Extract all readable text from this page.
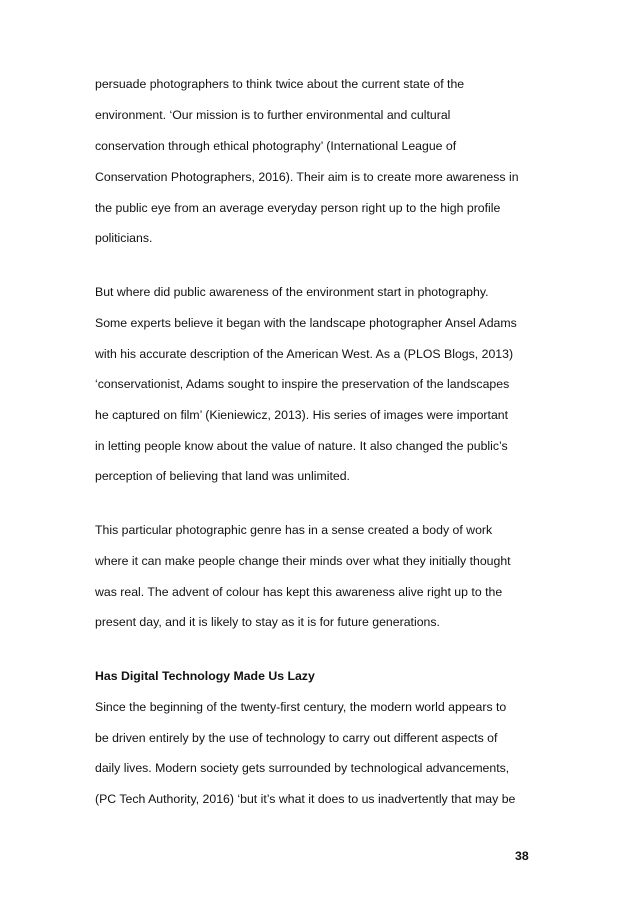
persuade photographers to think twice about the current state of the

environment. ‘Our mission is to further environmental and cultural

conservation through ethical photography’ (International League of

Conservation Photographers, 2016). Their aim is to create more awareness in

the public eye from an average everyday person right up to the high profile

politicians.

But where did public awareness of the environment start in photography.

Some experts believe it began with the landscape photographer Ansel Adams

with his accurate description of the American West. As a (PLOS Blogs, 2013)

‘conservationist, Adams sought to inspire the preservation of the landscapes

he captured on film’ (Kieniewicz, 2013). His series of images were important

in letting people know about the value of nature. It also changed the public’s

perception of believing that land was unlimited.

This particular photographic genre has in a sense created a body of work

where it can make people change their minds over what they initially thought

was real. The advent of colour has kept this awareness alive right up to the

present day, and it is likely to stay as it is for future generations.

Has Digital Technology Made Us Lazy

Since the beginning of the twenty-first century, the modern world appears to

be driven entirely by the use of technology to carry out different aspects of

daily lives. Modern society gets surrounded by technological advancements,

(PC Tech Authority, 2016) ‘but it’s what it does to us inadvertently that may be

38
